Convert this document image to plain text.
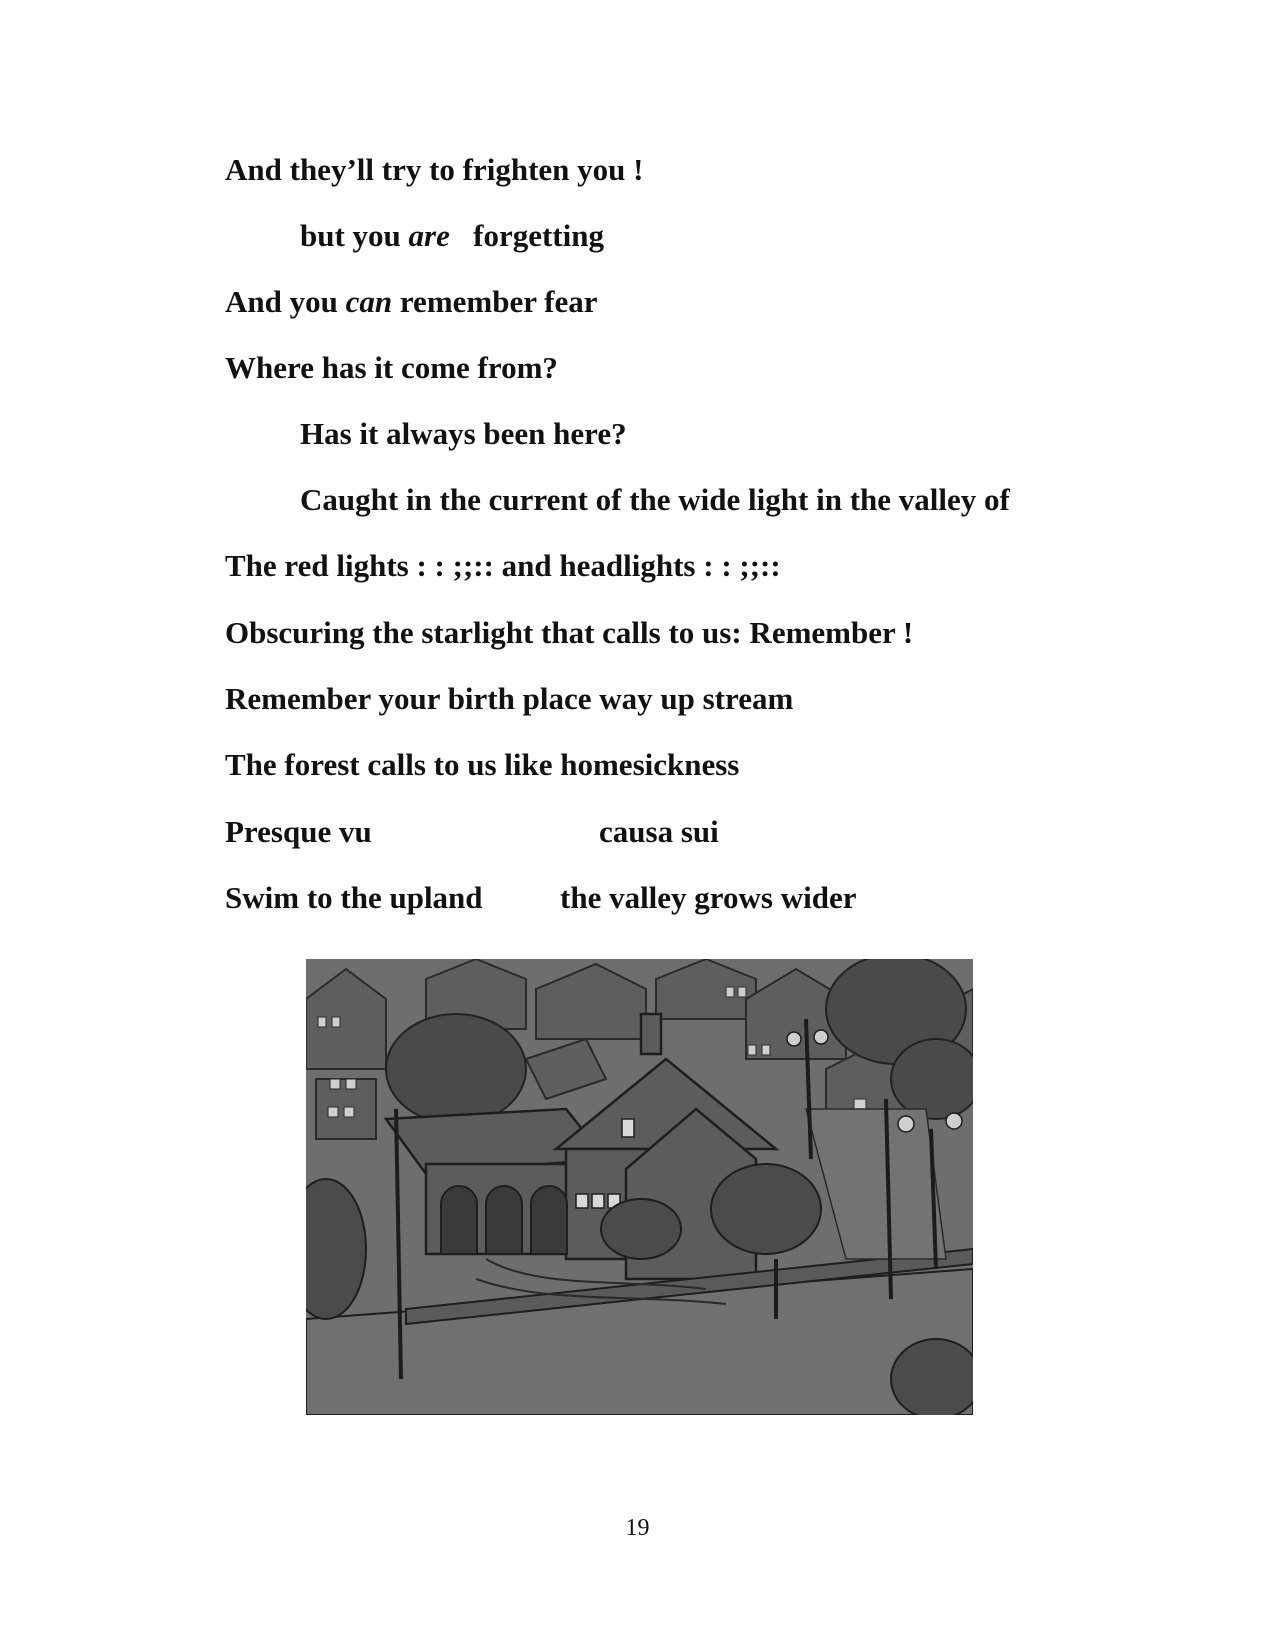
And they’ll try to frighten you !
but you are   forgetting
And you can remember fear
Where has it come from?
Has it always been here?
Caught in the current of the wide light in the valley of
The red lights : : ;;:: and headlights : : ;;::
Obscuring the starlight that calls to us: Remember !
Remember your birth place way up stream
The forest calls to us like homesickness
Presque vu	causa sui
Swim to the upland the valley grows wider
19
